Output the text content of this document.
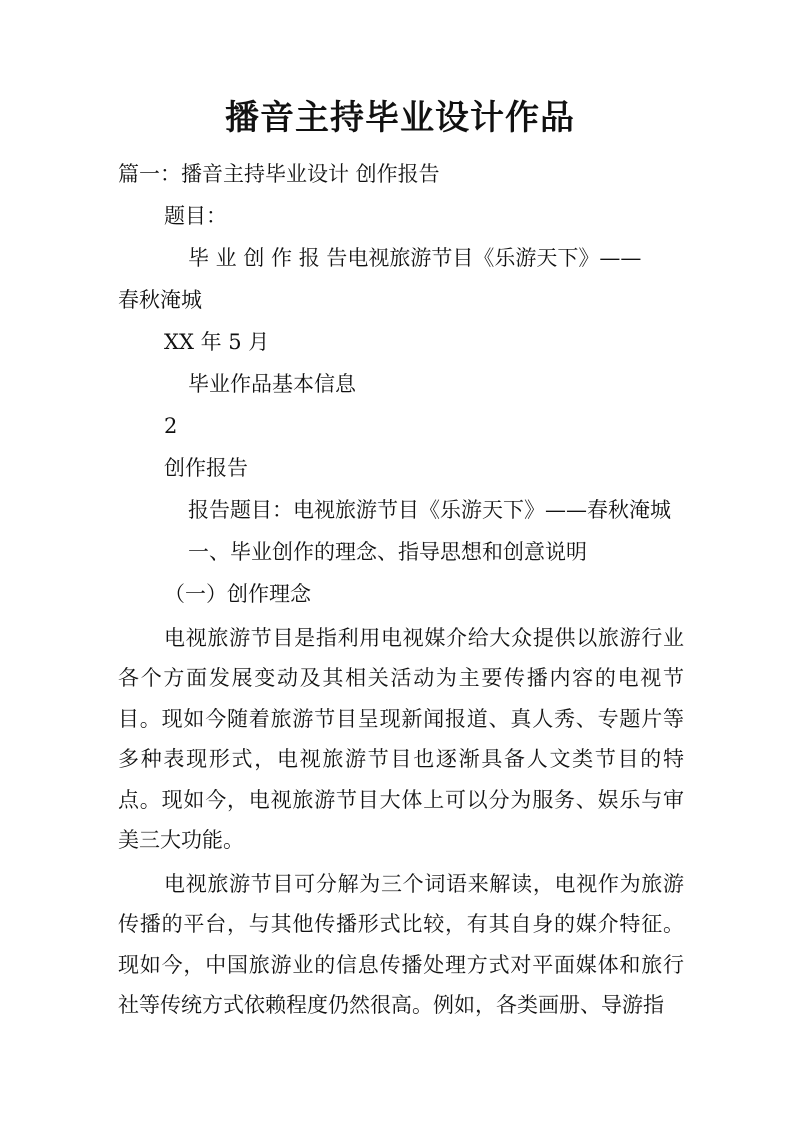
播音主持毕业设计作品
篇一：播音主持毕业设计 创作报告
题目：
毕 业 创 作 报 告电视旅游节目《乐游天下》——
春秋淹城
XX 年 5 月
毕业作品基本信息
2
创作报告
报告题目：电视旅游节目《乐游天下》——春秋淹城
一、毕业创作的理念、指导思想和创意说明
（一）创作理念
电视旅游节目是指利用电视媒介给大众提供以旅游行业各个方面发展变动及其相关活动为主要传播内容的电视节目。现如今随着旅游节目呈现新闻报道、真人秀、专题片等多种表现形式，电视旅游节目也逐渐具备人文类节目的特点。现如今，电视旅游节目大体上可以分为服务、娱乐与审美三大功能。
电视旅游节目可分解为三个词语来解读，电视作为旅游传播的平台，与其他传播形式比较，有其自身的媒介特征。现如今，中国旅游业的信息传播处理方式对平面媒体和旅行社等传统方式依赖程度仍然很高。例如，各类画册、导游指
